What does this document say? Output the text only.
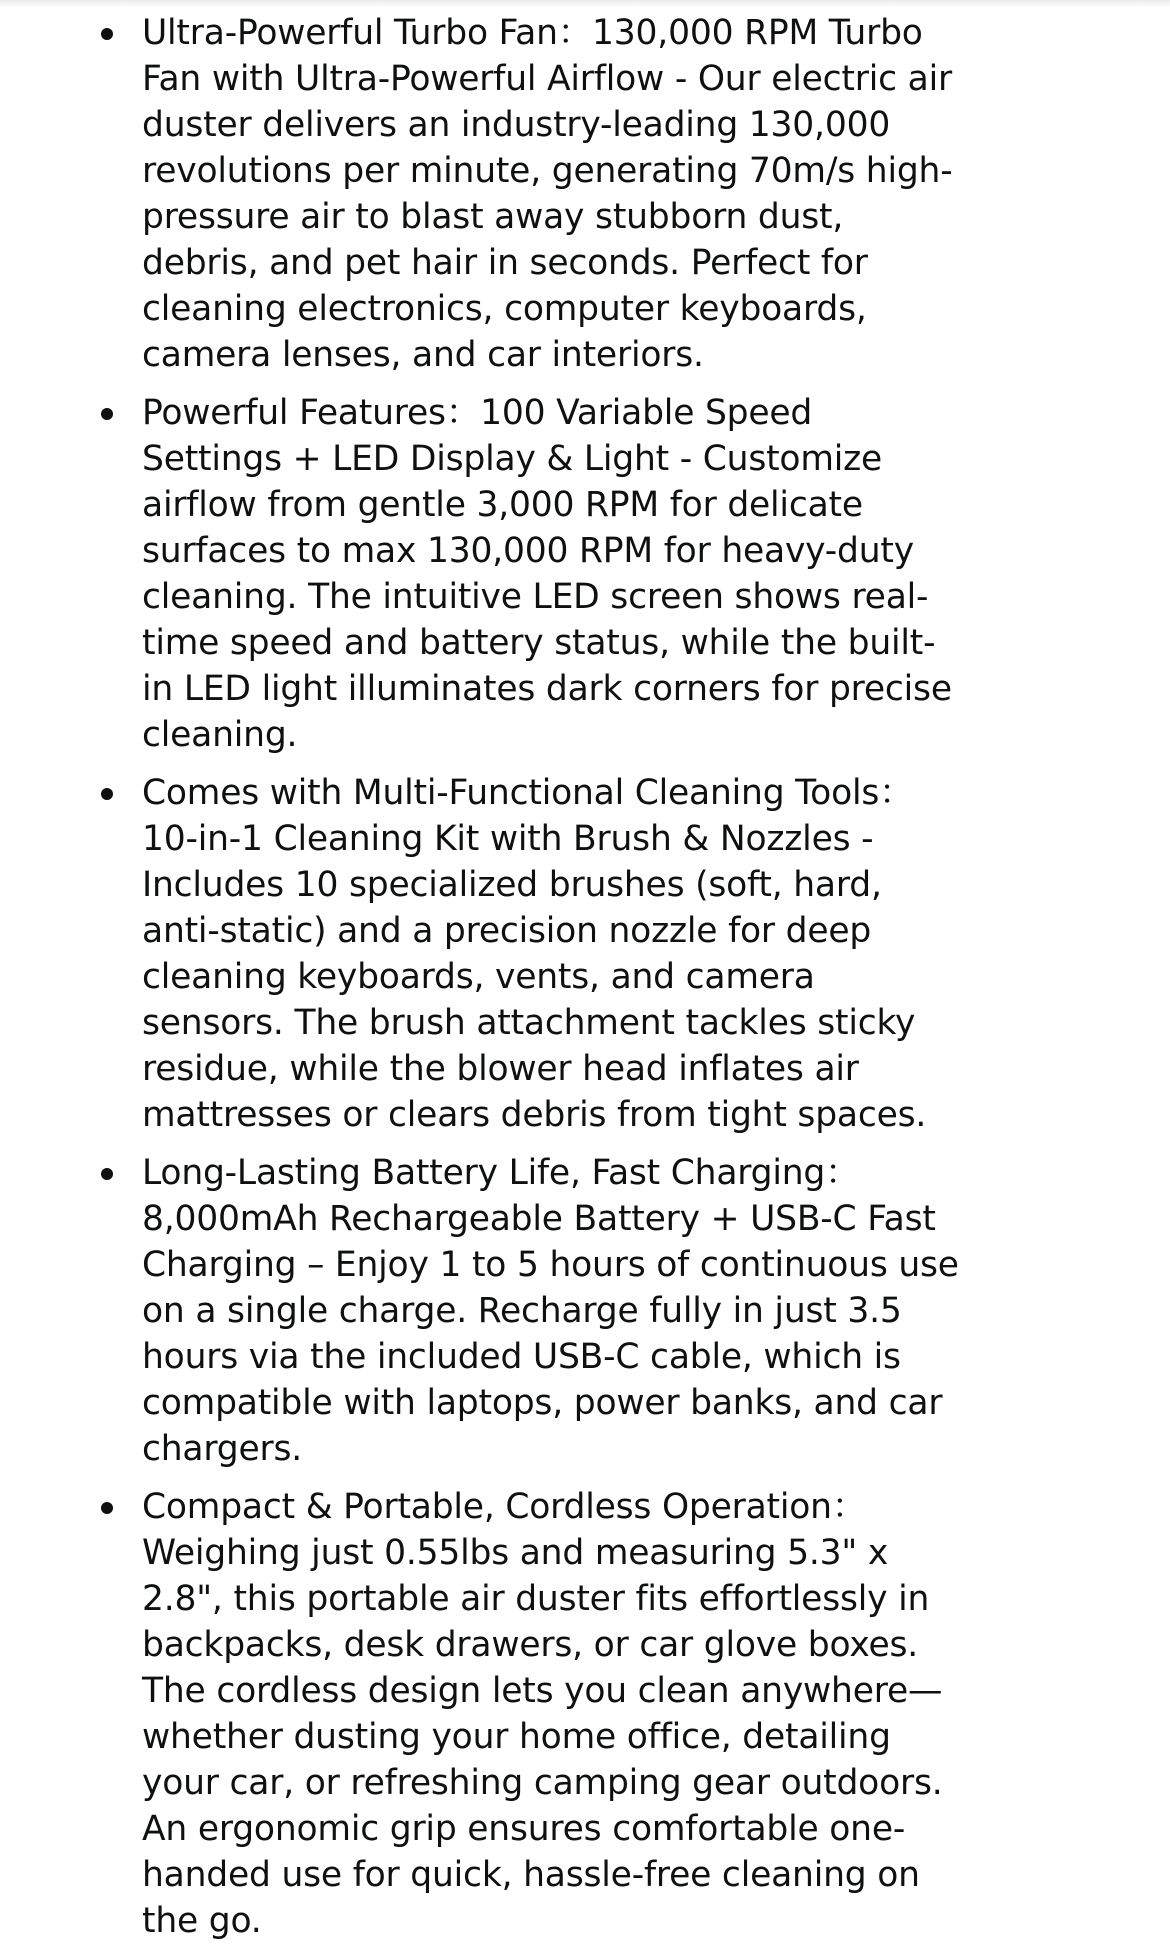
Ultra-Powerful Turbo Fan：130,000 RPM Turbo Fan with Ultra-Powerful Airflow - Our electric air duster delivers an industry-leading 130,000 revolutions per minute, generating 70m/s high-pressure air to blast away stubborn dust, debris, and pet hair in seconds. Perfect for cleaning electronics, computer keyboards, camera lenses, and car interiors.
Powerful Features：100 Variable Speed Settings + LED Display & Light - Customize airflow from gentle 3,000 RPM for delicate surfaces to max 130,000 RPM for heavy-duty cleaning. The intuitive LED screen shows real-time speed and battery status, while the built-in LED light illuminates dark corners for precise cleaning.
Comes with Multi-Functional Cleaning Tools：10-in-1 Cleaning Kit with Brush & Nozzles - Includes 10 specialized brushes (soft, hard, anti-static) and a precision nozzle for deep cleaning keyboards, vents, and camera sensors. The brush attachment tackles sticky residue, while the blower head inflates air mattresses or clears debris from tight spaces.
Long-Lasting Battery Life, Fast Charging：8,000mAh Rechargeable Battery + USB-C Fast Charging – Enjoy 1 to 5 hours of continuous use on a single charge. Recharge fully in just 3.5 hours via the included USB-C cable, which is compatible with laptops, power banks, and car chargers.
Compact & Portable, Cordless Operation：Weighing just 0.55lbs and measuring 5.3" x 2.8", this portable air duster fits effortlessly in backpacks, desk drawers, or car glove boxes. The cordless design lets you clean anywhere—whether dusting your home office, detailing your car, or refreshing camping gear outdoors. An ergonomic grip ensures comfortable one-handed use for quick, hassle-free cleaning on the go.
